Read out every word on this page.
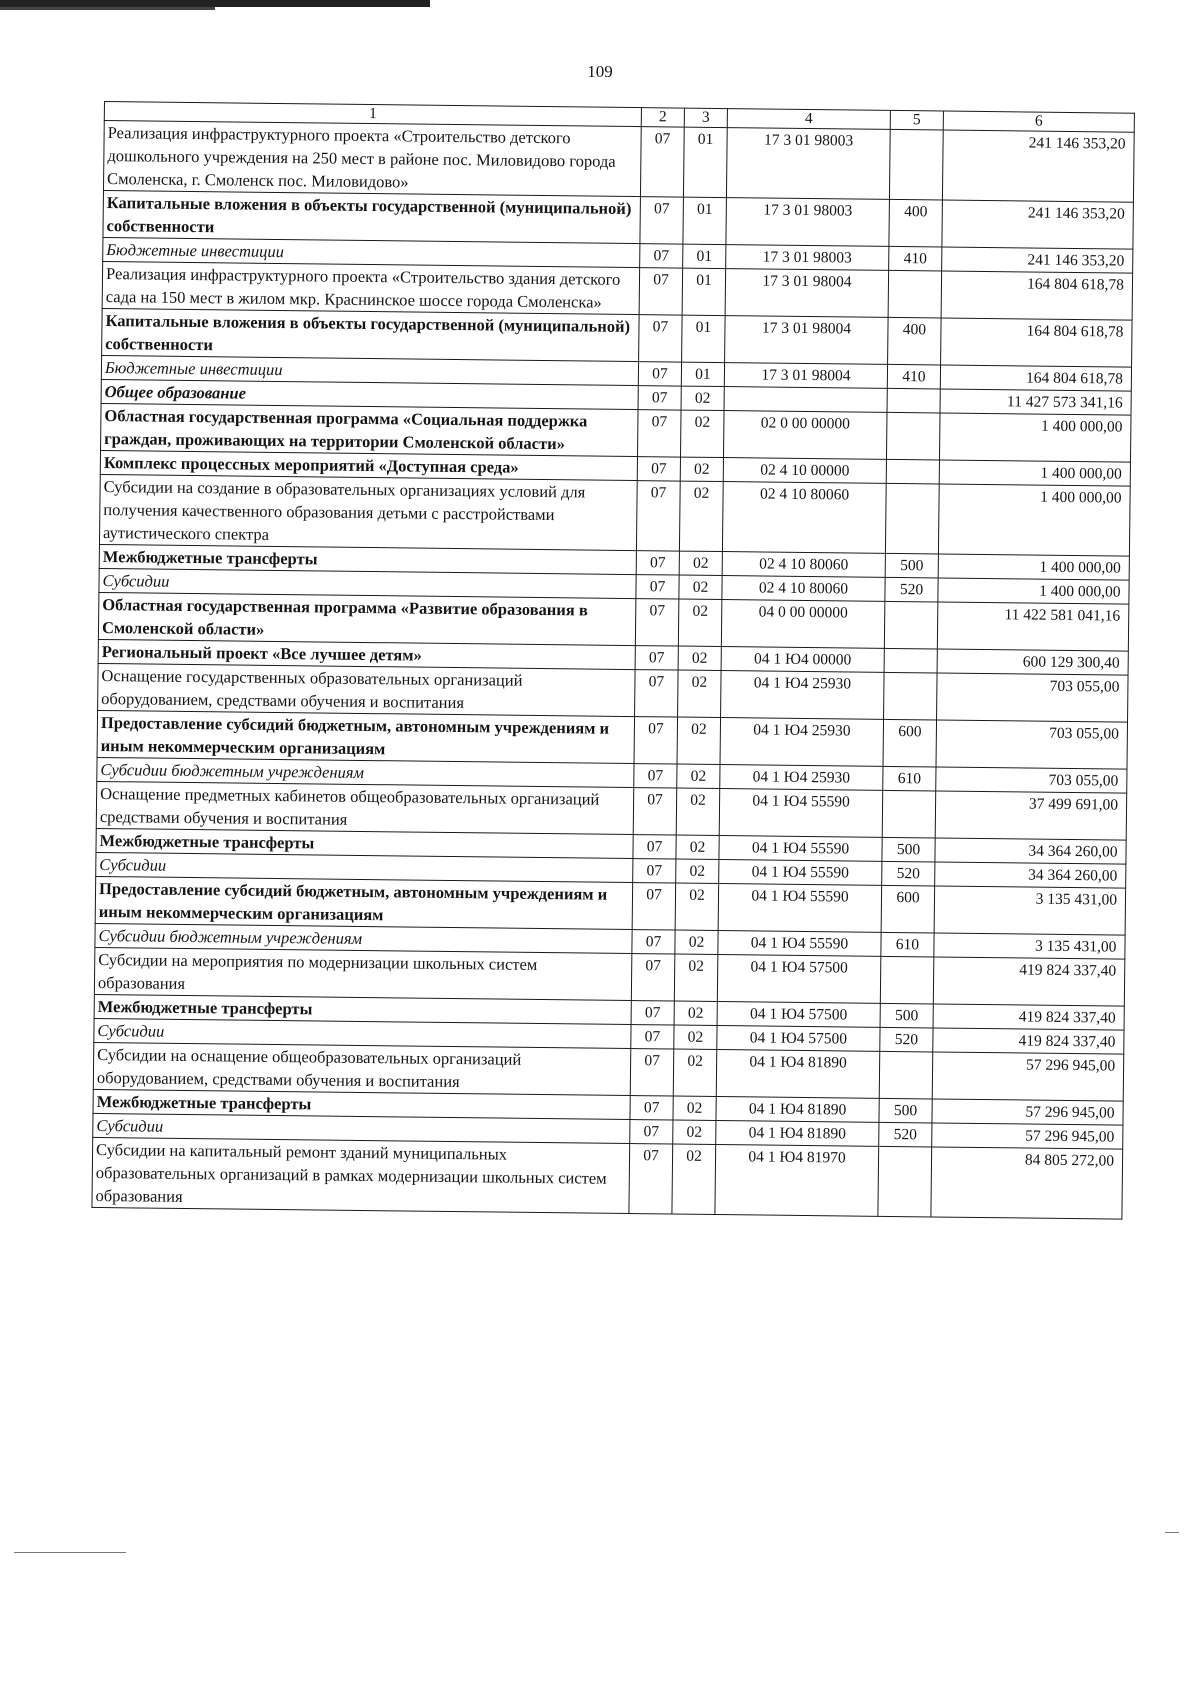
109
1	2	3	4	5	6
Реализация инфраструктурного проекта «Строительство детского дошкольного учреждения на 250 мест в районе пос. Миловидово города Смоленска, г. Смоленск пос. Миловидово»	07	01	17 3 01 98003		241 146 353,20
Капитальные вложения в объекты государственной (муниципальной) собственности	07	01	17 3 01 98003	400	241 146 353,20
Бюджетные инвестиции	07	01	17 3 01 98003	410	241 146 353,20
Реализация инфраструктурного проекта «Строительство здания детского сада на 150 мест в жилом мкр. Краснинское шоссе города Смоленска»	07	01	17 3 01 98004		164 804 618,78
Капитальные вложения в объекты государственной (муниципальной) собственности	07	01	17 3 01 98004	400	164 804 618,78
Бюджетные инвестиции	07	01	17 3 01 98004	410	164 804 618,78
Общее образование	07	02			11 427 573 341,16
Областная государственная программа «Социальная поддержка граждан, проживающих на территории Смоленской области»	07	02	02 0 00 00000		1 400 000,00
Комплекс процессных мероприятий «Доступная среда»	07	02	02 4 10 00000		1 400 000,00
Субсидии на создание в образовательных организациях условий для получения качественного образования детьми с расстройствами аутистического спектра	07	02	02 4 10 80060		1 400 000,00
Межбюджетные трансферты	07	02	02 4 10 80060	500	1 400 000,00
Субсидии	07	02	02 4 10 80060	520	1 400 000,00
Областная государственная программа «Развитие образования в Смоленской области»	07	02	04 0 00 00000		11 422 581 041,16
Региональный проект «Все лучшее детям»	07	02	04 1 Ю4 00000		600 129 300,40
Оснащение государственных образовательных организаций оборудованием, средствами обучения и воспитания	07	02	04 1 Ю4 25930		703 055,00
Предоставление субсидий бюджетным, автономным учреждениям и иным некоммерческим организациям	07	02	04 1 Ю4 25930	600	703 055,00
Субсидии бюджетным учреждениям	07	02	04 1 Ю4 25930	610	703 055,00
Оснащение предметных кабинетов общеобразовательных организаций средствами обучения и воспитания	07	02	04 1 Ю4 55590		37 499 691,00
Межбюджетные трансферты	07	02	04 1 Ю4 55590	500	34 364 260,00
Субсидии	07	02	04 1 Ю4 55590	520	34 364 260,00
Предоставление субсидий бюджетным, автономным учреждениям и иным некоммерческим организациям	07	02	04 1 Ю4 55590	600	3 135 431,00
Субсидии бюджетным учреждениям	07	02	04 1 Ю4 55590	610	3 135 431,00
Субсидии на мероприятия по модернизации школьных систем образования	07	02	04 1 Ю4 57500		419 824 337,40
Межбюджетные трансферты	07	02	04 1 Ю4 57500	500	419 824 337,40
Субсидии	07	02	04 1 Ю4 57500	520	419 824 337,40
Субсидии на оснащение общеобразовательных организаций оборудованием, средствами обучения и воспитания	07	02	04 1 Ю4 81890		57 296 945,00
Межбюджетные трансферты	07	02	04 1 Ю4 81890	500	57 296 945,00
Субсидии	07	02	04 1 Ю4 81890	520	57 296 945,00
Субсидии на капитальный ремонт зданий муниципальных образовательных организаций в рамках модернизации школьных систем образования	07	02	04 1 Ю4 81970		84 805 272,00
